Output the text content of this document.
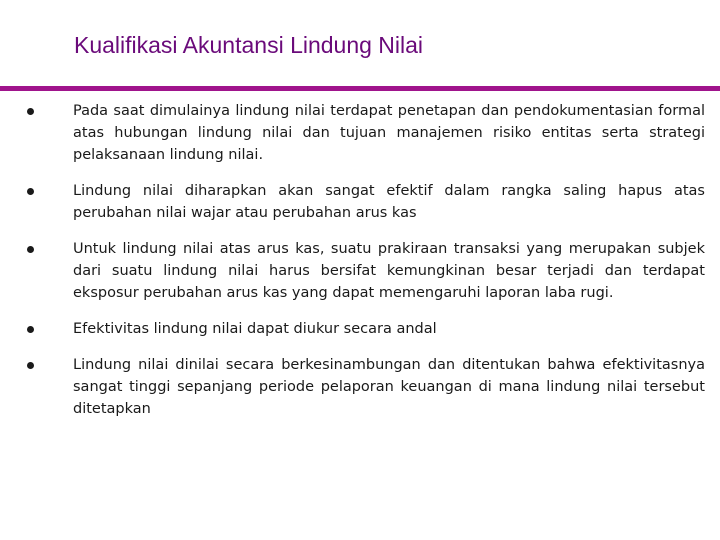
Kualifikasi Akuntansi Lindung Nilai
Pada saat dimulainya lindung nilai terdapat penetapan dan pendokumentasian formal atas hubungan lindung nilai dan tujuan manajemen risiko entitas serta strategi pelaksanaan lindung nilai.
Lindung nilai diharapkan akan sangat efektif dalam rangka saling hapus atas perubahan nilai wajar atau perubahan arus kas
Untuk lindung nilai atas arus kas, suatu prakiraan transaksi yang merupakan subjek dari suatu lindung nilai harus bersifat kemungkinan besar terjadi dan terdapat eksposur perubahan arus kas yang dapat memengaruhi laporan laba rugi.
Efektivitas lindung nilai dapat diukur secara andal
Lindung nilai dinilai secara berkesinambungan dan ditentukan bahwa efektivitasnya sangat tinggi sepanjang periode pelaporan keuangan di mana lindung nilai tersebut ditetapkan
